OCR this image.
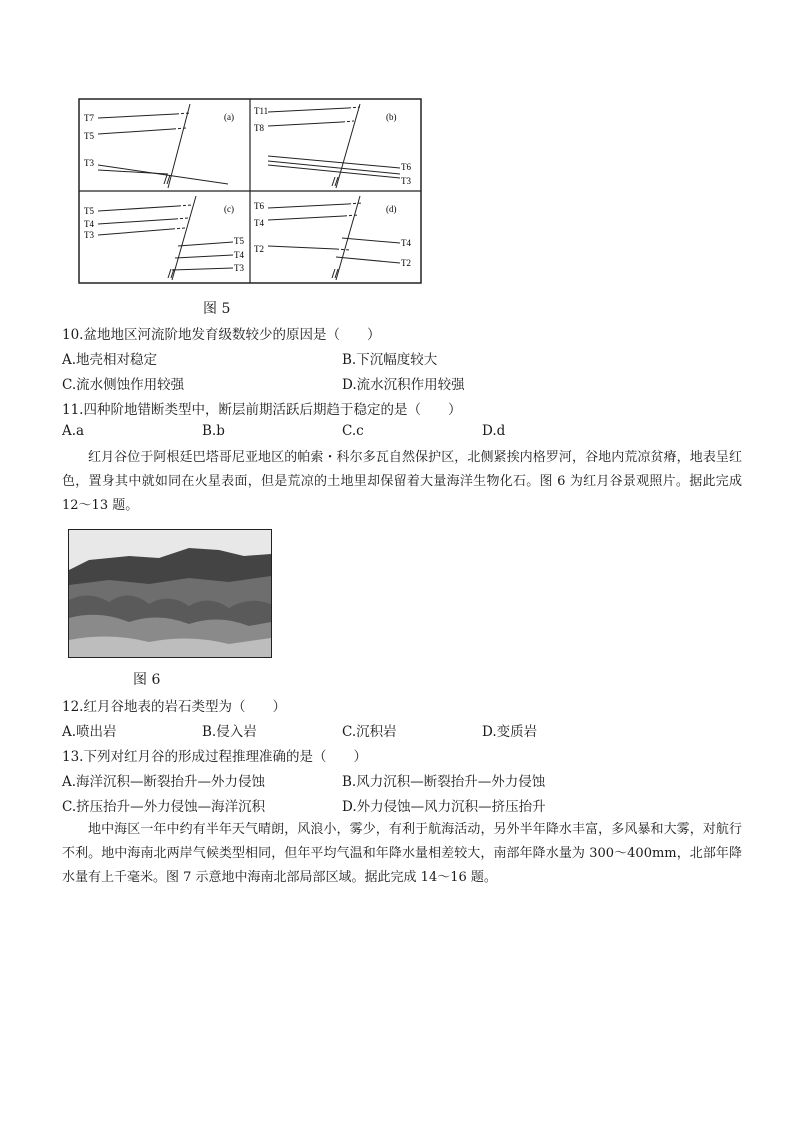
T7
T5
T3
(a)
T11
T8
T6
T3
(b)
T5
T4
T3
T5
T4
T3
(c) T6
T4
T2
T4
T2
(d)
图 5
10.盆地地区河流阶地发育级数较少的原因是（　　）
A.地壳相对稳定	B.下沉幅度较大
C.流水侧蚀作用较强	D.流水沉积作用较强
11.四种阶地错断类型中，断层前期活跃后期趋于稳定的是（　　）
A.a	B.b	C.c	D.d
红月谷位于阿根廷巴塔哥尼亚地区的帕索・科尔多瓦自然保护区，北侧紧挨内格罗河，谷地内荒凉贫瘠，地表呈红色，置身其中就如同在火星表面，但是荒凉的土地里却保留着大量海洋生物化石。图 6 为红月谷景观照片。据此完成 12～13 题。
图 6
12.红月谷地表的岩石类型为（　　）
A.喷出岩	B.侵入岩	C.沉积岩	D.变质岩
13.下列对红月谷的形成过程推理准确的是（　　）
A.海洋沉积—断裂抬升—外力侵蚀	B.风力沉积—断裂抬升—外力侵蚀
C.挤压抬升—外力侵蚀—海洋沉积	D.外力侵蚀—风力沉积—挤压抬升
地中海区一年中约有半年天气晴朗，风浪小，雾少，有利于航海活动，另外半年降水丰富，多风暴和大雾，对航行不利。地中海南北两岸气候类型相同，但年平均气温和年降水量相差较大，南部年降水量为 300～400mm，北部年降水量有上千毫米。图 7 示意地中海南北部局部区域。据此完成 14～16 题。
